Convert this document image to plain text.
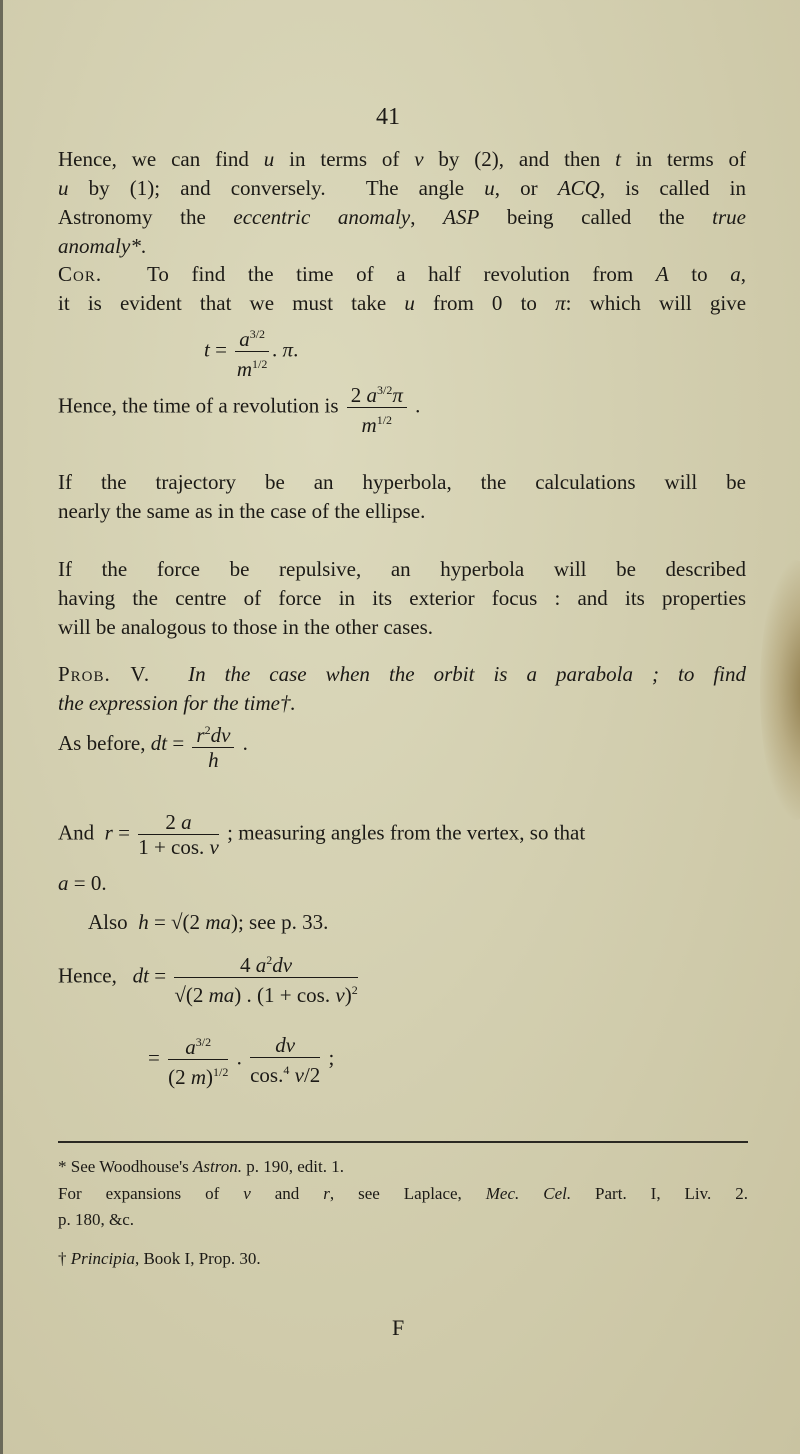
41
Hence, we can find u in terms of v by (2), and then t in terms of
u by (1); and conversely.  The angle u, or ACQ, is called in
Astronomy the eccentric anomaly, ASP being called the true
anomaly*.
Cor.  To find the time of a half revolution from A to a,
it is evident that we must take u from 0 to π: which will give
$t = \frac{a^{3/2}}{m^{1/2}}$ . π.
Hence, the time of a revolution is $\frac{2 a^{3/2}\pi}{m^{1/2}}$ .
If the trajectory be an hyperbola, the calculations will be
nearly the same as in the case of the ellipse.
If the force be repulsive, an hyperbola will be described
having the centre of force in its exterior focus : and its properties
will be analogous to those in the other cases.
Prob. V. In the case when the orbit is a parabola ; to find
the expression for the time†.
As before, dt = $\frac{r^2dv}{h}$ .
And  $r = \frac{2 a}{1 + \cos. v}$ ; measuring angles from the vertex, so that
a = 0.
Also  h = √(2 ma); see p. 33.
Hence, dt = $\frac{4 a^2dv}{√(2 ma) . (1 + \cos. v)^2}$
= $\frac{a^{3/2}}{(2 m)^{1/2}}$ . $\frac{dv}{\cos.^4 v/2}$ ;
* See Woodhouse's Astron. p. 190, edit. 1.
For expansions of v and r, see Laplace, Mec. Cel. Part. I, Liv. 2.
p. 180, &c.
† Principia, Book I, Prop. 30.
F
